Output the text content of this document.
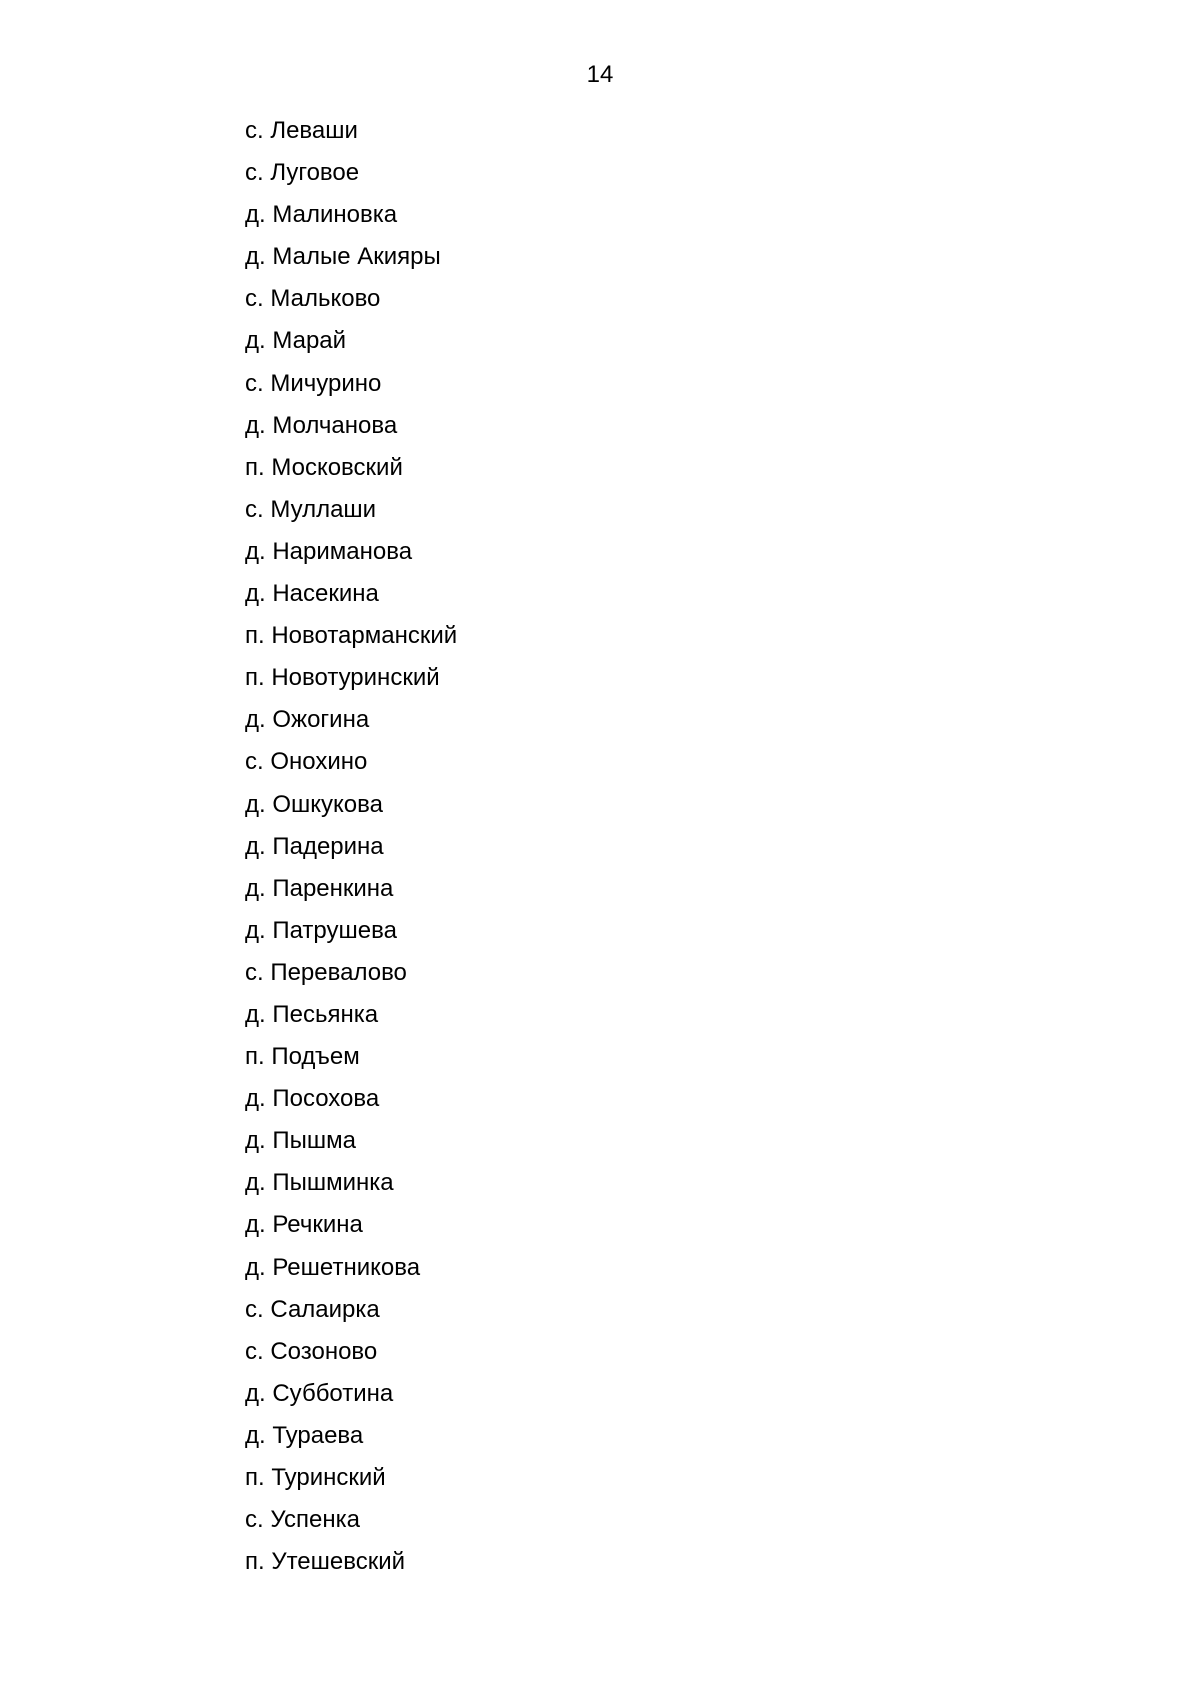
14
с. Леваши
с. Луговое
д. Малиновка
д. Малые Акияры
с. Мальково
д. Марай
с. Мичурино
д. Молчанова
п. Московский
с. Муллаши
д. Нариманова
д. Насекина
п. Новотарманский
п. Новотуринский
д. Ожогина
с. Онохино
д. Ошкукова
д. Падерина
д. Паренкина
д. Патрушева
с. Перевалово
д. Песьянка
п. Подъем
д. Посохова
д. Пышма
д. Пышминка
д. Речкина
д. Решетникова
с. Салаирка
с. Созоново
д. Субботина
д. Тураева
п. Туринский
с. Успенка
п. Утешевский
